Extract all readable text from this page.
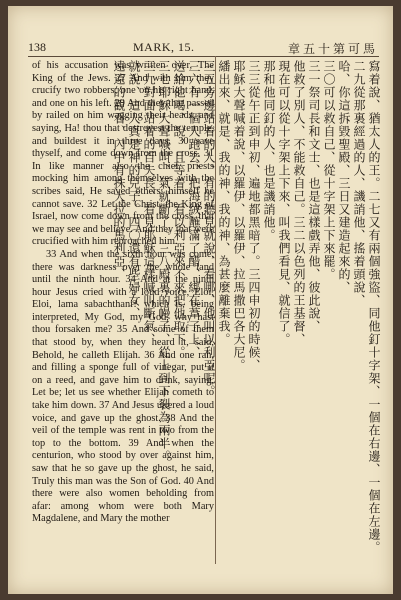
138	MARK, 15.	章五十第可馬

of his accusation was written over, The King of the Jews. 27 And with him they crucify two robbers; one on his right hand, and one on his left. 29 And they that passed by railed on him wagging their heads, and saying, Ha! thou that destroyest the temple, and buildest it in three days, 30 save thyself, and come down from the cross. 31 In like manner also the chief priests mocking him among themselves with the scribes said, He saved others; himself he cannot save. 32 Let the Christ, the King of Israel, now come down from the cross, that we may see and believe. And they that were crucified with him reproached him.

33 And when the sixth hour was come, there was darkness over the whole land until the ninth hour. 34 And at the ninth hour Jesus cried with a loud voice, Eloi, Eloi, lama sabachthani? which is, being interpreted, My God, my God, why hast thou forsaken me? 35 And some of them that stood by, when they heard it, said, Behold, he calleth Elijah. 36 And one ran, and filling a sponge full of vinegar, put it on a reed, and gave him to drink, saying, Let be; let us see whether Elijah cometh to take him down. 37 And Jesus uttered a loud voice, and gave up the ghost. 38 And the veil of the temple was rent in two from the top to the bottom. 39 And when the centurion, who stood by over against him, saw that he so gave up the ghost, he said, Truly this man was the Son of God. 40 And there were also women beholding from afar: among whom were both Mary Magdalene, and Mary the mother	寫着說、猶太人的王。二七又有兩個強盜、同他釘十字架、一個在右邊、一個在左邊。
二九從那裏經過的人、譏誚他、搖着頭說、
哈、你這拆毀聖殿、三日又建造起來的、
三〇可以救自己、從十字架上下來罷。
三一祭司長和文士、也是這樣戲弄他、彼此說、
他救了別人、不能救自己。三二以色列的王基督、
現在可以從十字架上下來、叫我們看見、就信了。
那和他同釘的人、也是譏誚他。
三三從午正到申初、遍地都黑暗了。三四申初的時候、
耶穌大聲喊着說、以羅伊、以羅伊、拉馬撒巴各大尼。
繙出來、就是、我的神、我的神、為甚麼離棄我。
三五旁邊站着的人、有的聽見就說、看哪、他叫以利亞呢。
三六有一個人跑去、把海絨蘸滿了醋、綁在葦子上、
送給他喝、說、且等着、看以利亞來不來把他取下。
三七耶穌大聲喊叫、氣就斷了。三八殿裏的幔子、從上到下裂為兩半。
三九對面站着的百夫長、看見耶穌這樣喊叫斷氣、
就說、這人真是神的兒子。四〇還有些婦女、
遠遠的觀看、內中有抹大拉的馬利亞、
